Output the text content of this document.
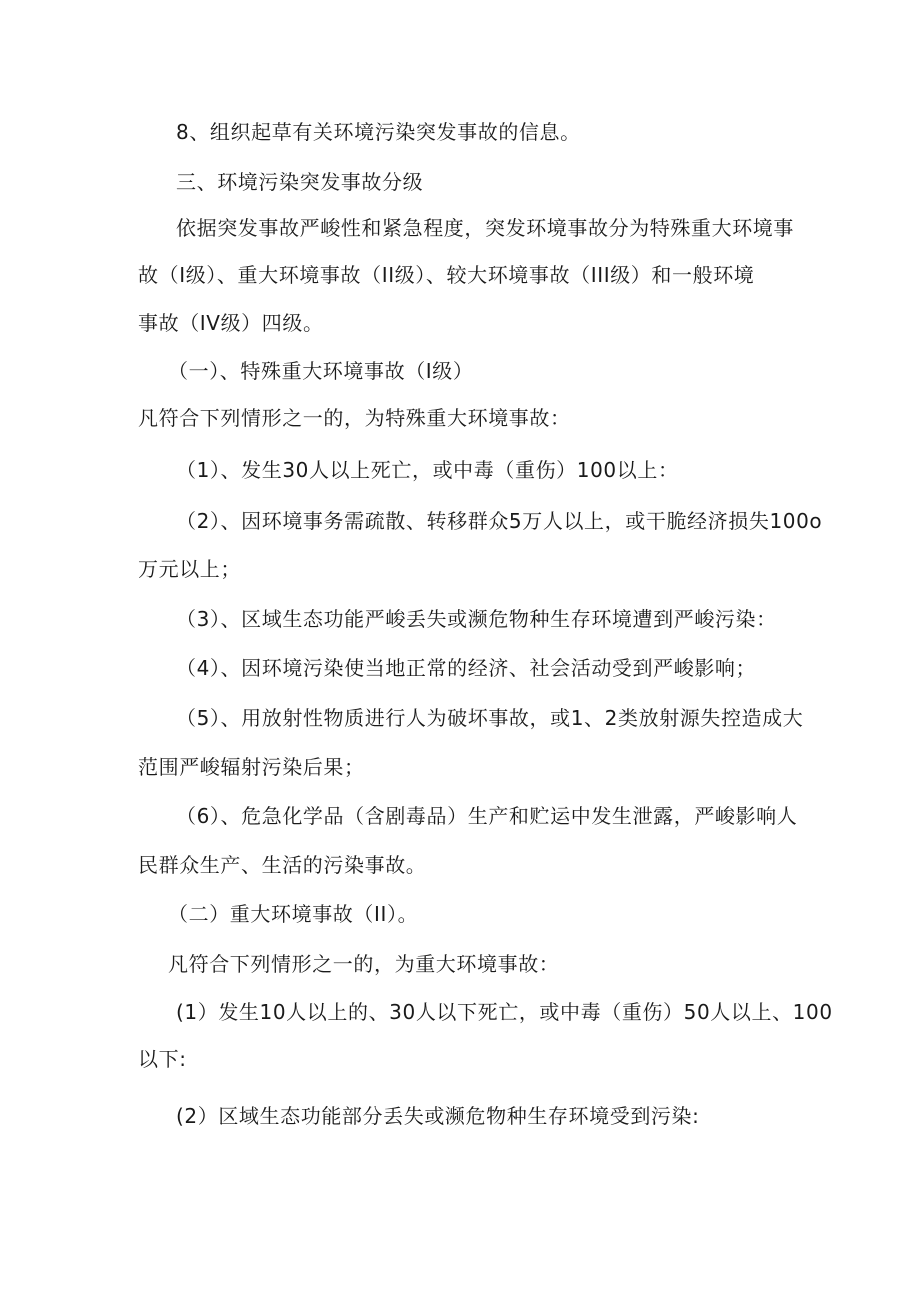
8、组织起草有关环境污染突发事故的信息。
三、环境污染突发事故分级
依据突发事故严峻性和紧急程度，突发环境事故分为特殊重大环境事
故（I级）、重大环境事故（II级）、较大环境事故（III级）和一般环境
事故（IV级）四级。
（一）、特殊重大环境事故（I级）
凡符合下列情形之一的，为特殊重大环境事故：
（1）、发生30人以上死亡，或中毒（重伤）100以上：
（2）、因环境事务需疏散、转移群众5万人以上，或干脆经济损失100o
万元以上；
（3）、区域生态功能严峻丢失或濒危物种生存环境遭到严峻污染：
（4）、因环境污染使当地正常的经济、社会活动受到严峻影响；
（5）、用放射性物质进行人为破坏事故，或1、2类放射源失控造成大
范围严峻辐射污染后果；
（6）、危急化学品（含剧毒品）生产和贮运中发生泄露，严峻影响人
民群众生产、生活的污染事故。
（二）重大环境事故（II）。
凡符合下列情形之一的，为重大环境事故：
(1）发生10人以上的、30人以下死亡，或中毒（重伤）50人以上、100
以下:
(2）区域生态功能部分丢失或濒危物种生存环境受到污染:
